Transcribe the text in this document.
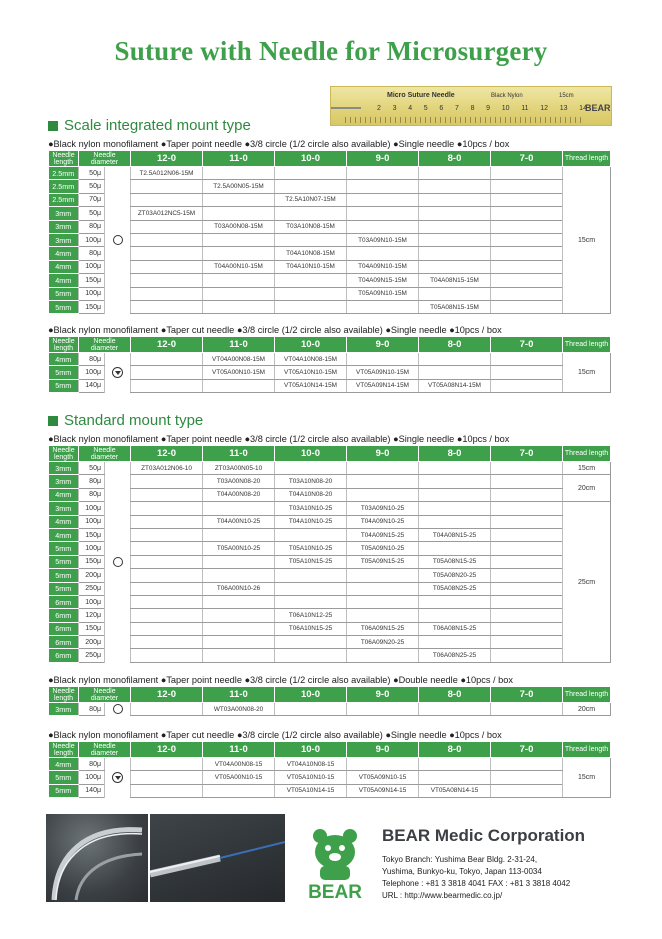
Suture with Needle for Microsurgery
Micro Suture Needle	Black Nylon	15cm
2 3 4 5 6 7 8 9 10 11 12 13 14
BEAR
Scale integrated mount type
●Black nylon monofilament ●Taper point needle ●3/8 circle (1/2 circle also available) ●Single needle ●10pcs / box
Needle length	Needle diameter		12-0	11-0	10-0	9-0	8-0	7-0	Thread length
2.5mm	50μ		T2.5A012N06-15M						15cm
2.5mm	50μ			T2.5A00N05-15M					
2.5mm	70μ				T2.5A10N07-15M				
3mm	50μ		ZT03A012NC5-15M						
3mm	80μ			T03A00N08-15M	T03A10N08-15M				
3mm	100μ					T03A09N10-15M			
4mm	80μ				T04A10N08-15M				
4mm	100μ			T04A00N10-15M	T04A10N10-15M	T04A09N10-15M			
4mm	150μ					T04A09N15-15M	T04A08N15-15M		
5mm	100μ					T05A09N10-15M			
5mm	150μ						T05A08N15-15M		
●Black nylon monofilament ●Taper cut needle ●3/8 circle (1/2 circle also available) ●Single needle ●10pcs / box
Needle length	Needle diameter		12-0	11-0	10-0	9-0	8-0	7-0	Thread length
4mm	80μ			VT04A00N08-15M	VT04A10N08-15M				15cm
5mm	100μ			VT05A00N10-15M	VT05A10N10-15M	VT05A09N10-15M			
5mm	140μ				VT05A10N14-15M	VT05A09N14-15M	VT05A08N14-15M		
Standard mount type
●Black nylon monofilament ●Taper point needle ●3/8 circle (1/2 circle also available) ●Single needle ●10pcs / box
Needle length	Needle diameter		12-0	11-0	10-0	9-0	8-0	7-0	Thread length
3mm	50μ		ZT03A012N06-10	ZT03A00N05-10					15cm
3mm	80μ			T03A00N08-20	T03A10N08-20				20cm
4mm	80μ			T04A00N08-20	T04A10N08-20				
3mm	100μ				T03A10N10-25	T03A09N10-25			25cm
4mm	100μ			T04A00N10-25	T04A10N10-25	T04A09N10-25			
4mm	150μ					T04A09N15-25	T04A08N15-25		
5mm	100μ			T05A00N10-25	T05A10N10-25	T05A09N10-25			
5mm	150μ				T05A10N15-25	T05A09N15-25	T05A08N15-25		
5mm	200μ						T05A08N20-25		
5mm	250μ			T06A00N10-26			T05A08N25-25		
6mm	100μ								
6mm	120μ				T06A10N12-25				
6mm	150μ				T06A10N15-25	T06A09N15-25	T06A08N15-25		
6mm	200μ					T06A09N20-25			
6mm	250μ						T06A08N25-25		
●Black nylon monofilament ●Taper point needle ●3/8 circle (1/2 circle also available) ●Double needle ●10pcs / box
Needle length	Needle diameter		12-0	11-0	10-0	9-0	8-0	7-0	Thread length
3mm	80μ			WT03A00N08-20					20cm
●Black nylon monofilament ●Taper cut needle ●3/8 circle (1/2 circle also available) ●Single needle ●10pcs / box
Needle length	Needle diameter		12-0	11-0	10-0	9-0	8-0	7-0	Thread length
4mm	80μ			VT04A00N08-15	VT04A10N08-15				15cm
5mm	100μ			VT05A00N10-15	VT05A10N10-15	VT05A09N10-15			
5mm	140μ				VT05A10N14-15	VT05A09N14-15	VT05A08N14-15		
BEAR
BEAR Medic Corporation
Tokyo Branch: Yushima Bear Bldg. 2-31-24,
Yushima, Bunkyo-ku, Tokyo, Japan 113-0034
Telephone : +81 3 3818 4041 FAX : +81 3 3818 4042
URL : http://www.bearmedic.co.jp/
